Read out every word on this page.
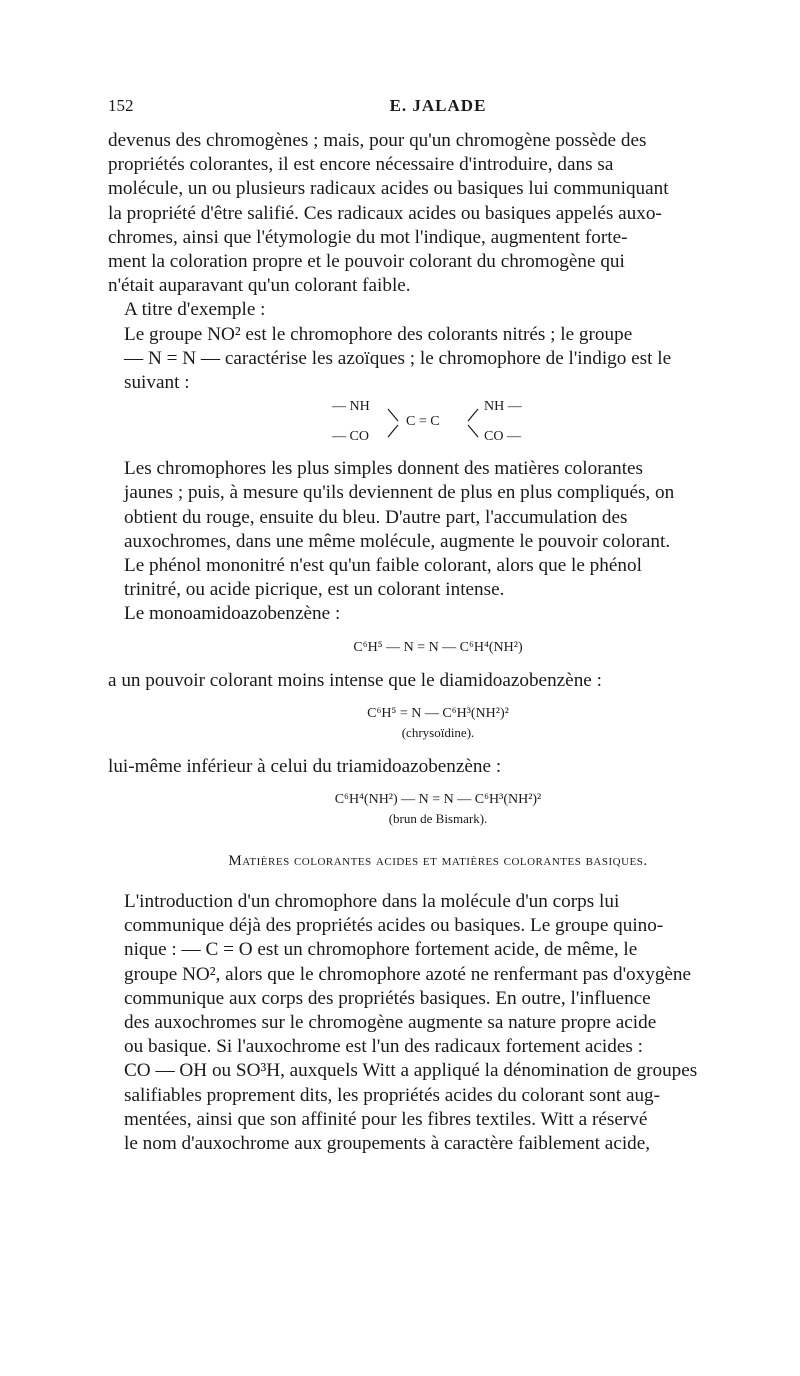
152	E. JALADE

devenus des chromogènes ; mais, pour qu'un chromogène possède des
propriétés colorantes, il est encore nécessaire d'introduire, dans sa
molécule, un ou plusieurs radicaux acides ou basiques lui communiquant
la propriété d'être salifié. Ces radicaux acides ou basiques appelés auxo-
chromes, ainsi que l'étymologie du mot l'indique, augmentent forte-
ment la coloration propre et le pouvoir colorant du chromogène qui
n'était auparavant qu'un colorant faible.

A titre d'exemple :

Le groupe NO² est le chromophore des colorants nitrés ; le groupe
— N = N — caractérise les azoïques ; le chromophore de l'indigo est le
suivant :

— NH
— CO
C = C
NH —
CO —

Les chromophores les plus simples donnent des matières colorantes
jaunes ; puis, à mesure qu'ils deviennent de plus en plus compliqués, on
obtient du rouge, ensuite du bleu. D'autre part, l'accumulation des
auxochromes, dans une même molécule, augmente le pouvoir colorant.
Le phénol mononitré n'est qu'un faible colorant, alors que le phénol
trinitré, ou acide picrique, est un colorant intense.

Le monoamidoazobenzène :

C⁶H⁵ — N = N — C⁶H⁴(NH²)

a un pouvoir colorant moins intense que le diamidoazobenzène :

C⁶H⁵ = N — C⁶H³(NH²)²
(chrysoïdine).

lui-même inférieur à celui du triamidoazobenzène :

C⁶H⁴(NH²) — N = N — C⁶H³(NH²)²
(brun de Bismark).
Matières colorantes acides et matières colorantes basiques.

L'introduction d'un chromophore dans la molécule d'un corps lui
communique déjà des propriétés acides ou basiques. Le groupe quino-
nique : — C = O est un chromophore fortement acide, de même, le
groupe NO², alors que le chromophore azoté ne renfermant pas d'oxygène
communique aux corps des propriétés basiques. En outre, l'influence
des auxochromes sur le chromogène augmente sa nature propre acide
ou basique. Si l'auxochrome est l'un des radicaux fortement acides :
CO — OH ou SO³H, auxquels Witt a appliqué la dénomination de groupes
salifiables proprement dits, les propriétés acides du colorant sont aug-
mentées, ainsi que son affinité pour les fibres textiles. Witt a réservé
le nom d'auxochrome aux groupements à caractère faiblement acide,
